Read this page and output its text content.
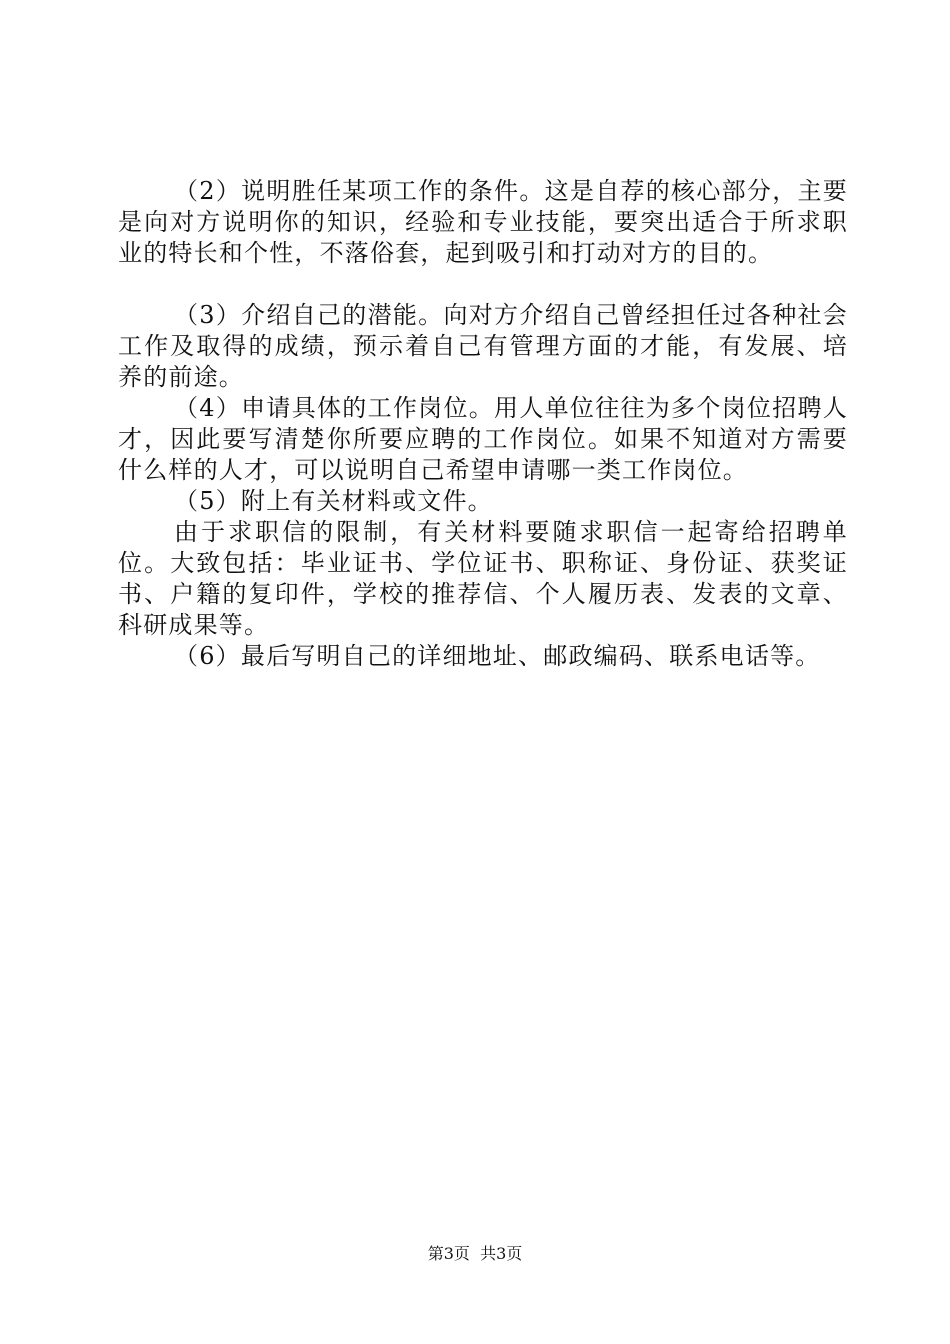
（2）说明胜任某项工作的条件。这是自荐的核心部分，主要是向对方说明你的知识，经验和专业技能，要突出适合于所求职业的特长和个性，不落俗套，起到吸引和打动对方的目的。

（3）介绍自己的潜能。向对方介绍自己曾经担任过各种社会工作及取得的成绩，预示着自己有管理方面的才能，有发展、培养的前途。

（4）申请具体的工作岗位。用人单位往往为多个岗位招聘人才，因此要写清楚你所要应聘的工作岗位。如果不知道对方需要什么样的人才，可以说明自己希望申请哪一类工作岗位。

（5）附上有关材料或文件。

由于求职信的限制，有关材料要随求职信一起寄给招聘单位。大致包括：毕业证书、学位证书、职称证、身份证、获奖证书、户籍的复印件，学校的推荐信、个人履历表、发表的文章、科研成果等。

（6）最后写明自己的详细地址、邮政编码、联系电话等。

第3页 共3页
